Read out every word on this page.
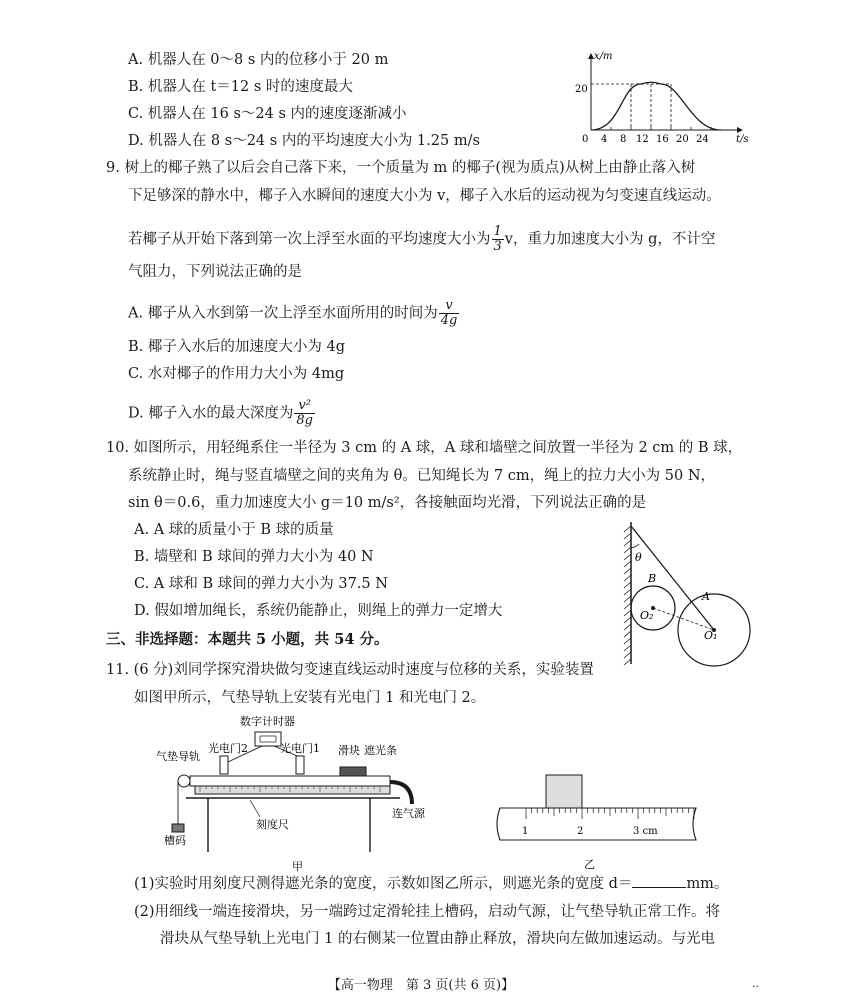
A. 机器人在 0～8 s 内的位移小于 20 m
B. 机器人在 t＝12 s 时的速度最大
C. 机器人在 16 s～24 s 内的速度逐渐减小
D. 机器人在 8 s～24 s 内的平均速度大小为 1.25 m/s
x/m
t/s
20
0 4 8 12 16 20 24
9. 树上的椰子熟了以后会自己落下来，一个质量为 m 的椰子(视为质点)从树上由静止落入树
下足够深的静水中，椰子入水瞬间的速度大小为 v，椰子入水后的运动视为匀变速直线运动。
若椰子从开始下落到第一次上浮至水面的平均速度大小为 $\frac{1}{3}$ v，重力加速度大小为 g，不计空
气阻力，下列说法正确的是
A. 椰子从入水到第一次上浮至水面所用的时间为 $\frac{v}{4g}$
B. 椰子入水后的加速度大小为 4g
C. 水对椰子的作用力大小为 4mg
D. 椰子入水的最大深度为 $\frac{\text{v²}}{8g}$
10. 如图所示，用轻绳系住一半径为 3 cm 的 A 球，A 球和墙壁之间放置一半径为 2 cm 的 B 球，
系统静止时，绳与竖直墙壁之间的夹角为 θ。已知绳长为 7 cm，绳上的拉力大小为 50 N，
sin θ＝0.6，重力加速度大小 g＝10 m/s²，各接触面均光滑，下列说法正确的是
A. A 球的质量小于 B 球的质量
B. 墙壁和 B 球间的弹力大小为 40 N
C. A 球和 B 球间的弹力大小为 37.5 N
D. 假如增加绳长，系统仍能静止，则绳上的弹力一定增大
θ
B
A
O₂
O₁
三、非选择题：本题共 5 小题，共 54 分。
11. (6 分)刘同学探究滑块做匀变速直线运动时速度与位移的关系，实验装置
如图甲所示，气垫导轨上安装有光电门 1 和光电门 2。
数字计时器
光电门2	光电门1 滑块 遮光条
气垫导轨
槽码
刻度尺
连气源
甲
1	2	3 cm
乙
(1)实验时用刻度尺测得遮光条的宽度，示数如图乙所示，则遮光条的宽度 d＝	mm。
(2)用细线一端连接滑块，另一端跨过定滑轮挂上槽码，启动气源，让气垫导轨正常工作。将
滑块从气垫导轨上光电门 1 的右侧某一位置由静止释放，滑块向左做加速运动。与光电
【高一物理　第 3 页(共 6 页)】	..
